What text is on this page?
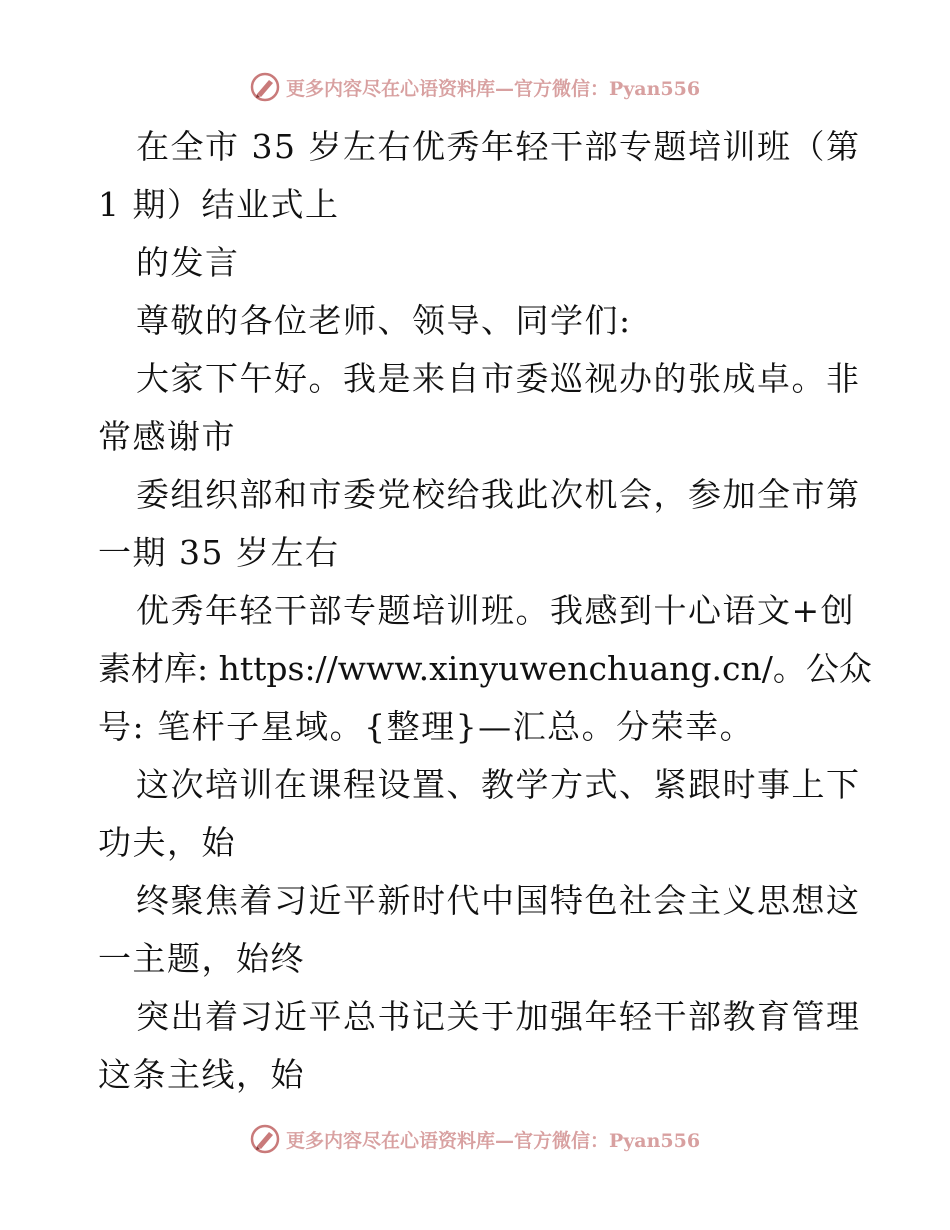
更多内容尽在心语资料库—官方微信：Pyan556
在全市 35 岁左右优秀年轻干部专题培训班（第
1 期）结业式上
的发言
尊敬的各位老师、领导、同学们:
大家下午好。我是来自市委巡视办的张成卓。非
常感谢市
委组织部和市委党校给我此次机会，参加全市第
一期 35 岁左右
优秀年轻干部专题培训班。我感到十心语文+创
素材库: https://www.xinyuwenchuang.cn/。公众
号: 笔杆子星域。{整理}—汇总。分荣幸。
这次培训在课程设置、教学方式、紧跟时事上下
功夫，始
终聚焦着习近平新时代中国特色社会主义思想这
一主题，始终
突出着习近平总书记关于加强年轻干部教育管理
这条主线，始
更多内容尽在心语资料库—官方微信：Pyan556
